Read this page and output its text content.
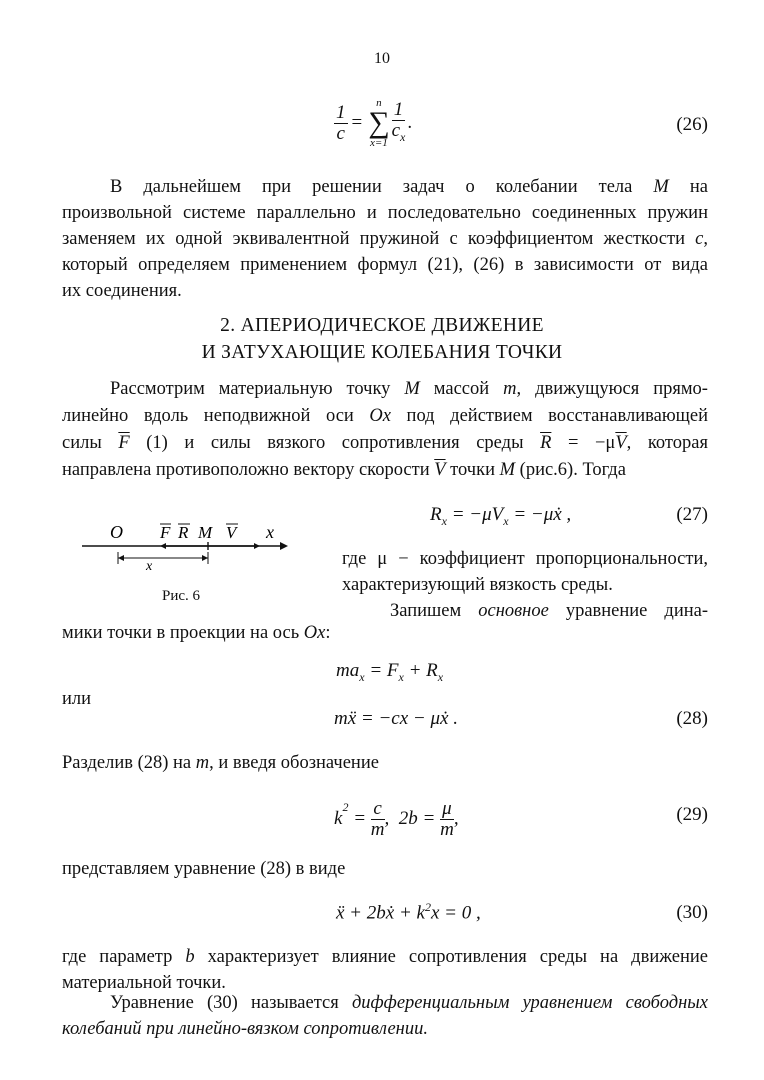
10
$\frac{1}{c}$ =
n
∑
$x=1 \frac{1}{c_x}$ .	(26)
В дальнейшем при решении задач о колебании тела M на
произвольной системе параллельно и последовательно соединенных пружин
заменяем их одной эквивалентной пружиной с коэффициентом жесткости c,
который определяем применением формул (21), (26) в зависимости от вида
их соединения.
2. АПЕРИОДИЧЕСКОЕ ДВИЖЕНИЕ
И ЗАТУХАЮЩИЕ КОЛЕБАНИЯ ТОЧКИ
Рассмотрим материальную точку M массой m, движущуюся прямо-
линейно вдоль неподвижной оси Ox под действием восстанавливающей
силы $\overline{F}$ (1) и силы вязкого сопротивления среды $\overline{R} = -\mu\overline{V}$, которая
направлена противоположно вектору скорости $\overline{V}$ точки M (рис.6). Тогда
O F R M V x
x
Рис. 6
$R_x = -\mu V_x$ = −μẋ ,	(27)
где μ − коэффициент пропорциональности,
характеризующий вязкость среды.
Запишем основное уравнение дина-
мики точки в проекции на ось Ox:
$ma_x = F_x + R_x$
или
mẍ = −cx − μẋ .	(28)
Разделив (28) на m, и введя обозначение
k
$^2$
= $\frac{c}{m}$ ,  $2b = \frac{\mu}{m}$ ,	(29)
представляем уравнение (28) в виде
ẍ + 2bẋ + $k^2x = 0$ ,	(30)
где параметр b характеризует влияние сопротивления среды на движение
материальной точки.
Уравнение (30) называется дифференциальным уравнением свободных
колебаний при линейно-вязком сопротивлении.
